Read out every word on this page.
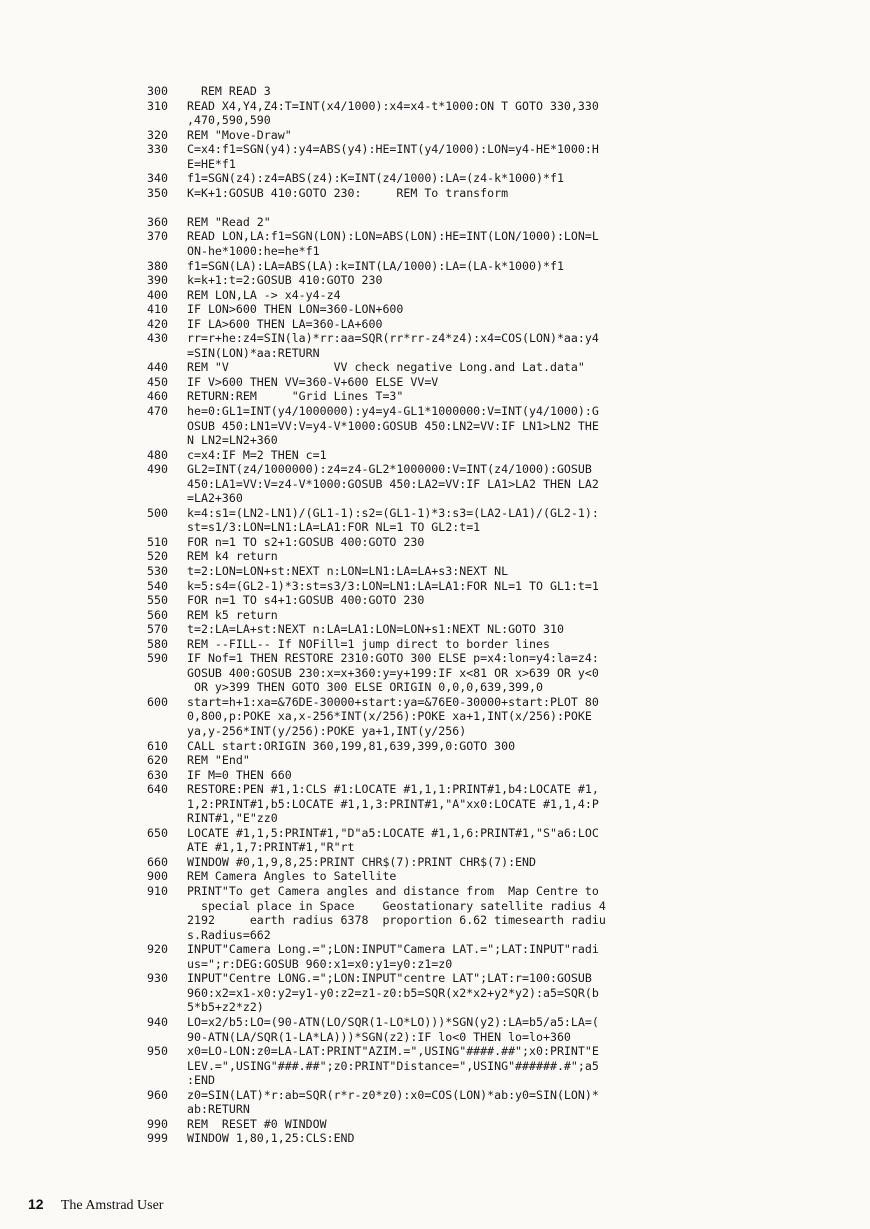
300	REM READ 3
310	READ X4,Y4,Z4:T=INT(x4/1000):x4=x4-t*1000:ON T GOTO 330,330
,470,590,590
320	REM "Move-Draw"
330	C=x4:f1=SGN(y4):y4=ABS(y4):HE=INT(y4/1000):LON=y4-HE*1000:H
E=HE*f1
340	f1=SGN(z4):z4=ABS(z4):K=INT(z4/1000):LA=(z4-k*1000)*f1
350	K=K+1:GOSUB 410:GOTO 230:     REM To transform
360	REM "Read 2"
370	READ LON,LA:f1=SGN(LON):LON=ABS(LON):HE=INT(LON/1000):LON=L
ON-he*1000:he=he*f1
380	f1=SGN(LA):LA=ABS(LA):k=INT(LA/1000):LA=(LA-k*1000)*f1
390	k=k+1:t=2:GOSUB 410:GOTO 230
400	REM LON,LA -> x4-y4-z4
410	IF LON>600 THEN LON=360-LON+600
420	IF LA>600 THEN LA=360-LA+600
430	rr=r+he:z4=SIN(la)*rr:aa=SQR(rr*rr-z4*z4):x4=COS(LON)*aa:y4
=SIN(LON)*aa:RETURN
440	REM "V               VV check negative Long.and Lat.data"
450	IF V>600 THEN VV=360-V+600 ELSE VV=V
460	RETURN:REM     "Grid Lines T=3"
470	he=0:GL1=INT(y4/1000000):y4=y4-GL1*1000000:V=INT(y4/1000):G
OSUB 450:LN1=VV:V=y4-V*1000:GOSUB 450:LN2=VV:IF LN1>LN2 THE
N LN2=LN2+360
480	c=x4:IF M=2 THEN c=1
490	GL2=INT(z4/1000000):z4=z4-GL2*1000000:V=INT(z4/1000):GOSUB
450:LA1=VV:V=z4-V*1000:GOSUB 450:LA2=VV:IF LA1>LA2 THEN LA2
=LA2+360
500	k=4:s1=(LN2-LN1)/(GL1-1):s2=(GL1-1)*3:s3=(LA2-LA1)/(GL2-1):
st=s1/3:LON=LN1:LA=LA1:FOR NL=1 TO GL2:t=1
510	FOR n=1 TO s2+1:GOSUB 400:GOTO 230
520	REM k4 return
530	t=2:LON=LON+st:NEXT n:LON=LN1:LA=LA+s3:NEXT NL
540	k=5:s4=(GL2-1)*3:st=s3/3:LON=LN1:LA=LA1:FOR NL=1 TO GL1:t=1
550	FOR n=1 TO s4+1:GOSUB 400:GOTO 230
560	REM k5 return
570	t=2:LA=LA+st:NEXT n:LA=LA1:LON=LON+s1:NEXT NL:GOTO 310
580	REM --FILL-- If NOFill=1 jump direct to border lines
590	IF Nof=1 THEN RESTORE 2310:GOTO 300 ELSE p=x4:lon=y4:la=z4:
GOSUB 400:GOSUB 230:x=x+360:y=y+199:IF x<81 OR x>639 OR y<0
OR y>399 THEN GOTO 300 ELSE ORIGIN 0,0,0,639,399,0
600	start=h+1:xa=&76DE-30000+start:ya=&76E0-30000+start:PLOT 80
0,800,p:POKE xa,x-256*INT(x/256):POKE xa+1,INT(x/256):POKE
ya,y-256*INT(y/256):POKE ya+1,INT(y/256)
610	CALL start:ORIGIN 360,199,81,639,399,0:GOTO 300
620	REM "End"
630	IF M=0 THEN 660
640	RESTORE:PEN #1,1:CLS #1:LOCATE #1,1,1:PRINT#1,b4:LOCATE #1,
1,2:PRINT#1,b5:LOCATE #1,1,3:PRINT#1,"A"xx0:LOCATE #1,1,4:P
RINT#1,"E"zz0
650	LOCATE #1,1,5:PRINT#1,"D"a5:LOCATE #1,1,6:PRINT#1,"S"a6:LOC
ATE #1,1,7:PRINT#1,"R"rt
660	WINDOW #0,1,9,8,25:PRINT CHR$(7):PRINT CHR$(7):END
900	REM Camera Angles to Satellite
910	PRINT"To get Camera angles and distance from  Map Centre to
special place in Space    Geostationary satellite radius 4
2192     earth radius 6378  proportion 6.62 timesearth radiu
s.Radius=662
920	INPUT"Camera Long.=";LON:INPUT"Camera LAT.=";LAT:INPUT"radi
us=";r:DEG:GOSUB 960:x1=x0:y1=y0:z1=z0
930	INPUT"Centre LONG.=";LON:INPUT"centre LAT";LAT:r=100:GOSUB
960:x2=x1-x0:y2=y1-y0:z2=z1-z0:b5=SQR(x2*x2+y2*y2):a5=SQR(b
5*b5+z2*z2)
940	LO=x2/b5:LO=(90-ATN(LO/SQR(1-LO*LO)))*SGN(y2):LA=b5/a5:LA=(
90-ATN(LA/SQR(1-LA*LA)))*SGN(z2):IF lo<0 THEN lo=lo+360
950	x0=LO-LON:z0=LA-LAT:PRINT"AZIM.=",USING"####.##";x0:PRINT"E
LEV.=",USING"###.##";z0:PRINT"Distance=",USING"######.#";a5
:END
960	z0=SIN(LAT)*r:ab=SQR(r*r-z0*z0):x0=COS(LON)*ab:y0=SIN(LON)*
ab:RETURN
990	REM  RESET #0 WINDOW
999	WINDOW 1,80,1,25:CLS:END
12 The Amstrad User
